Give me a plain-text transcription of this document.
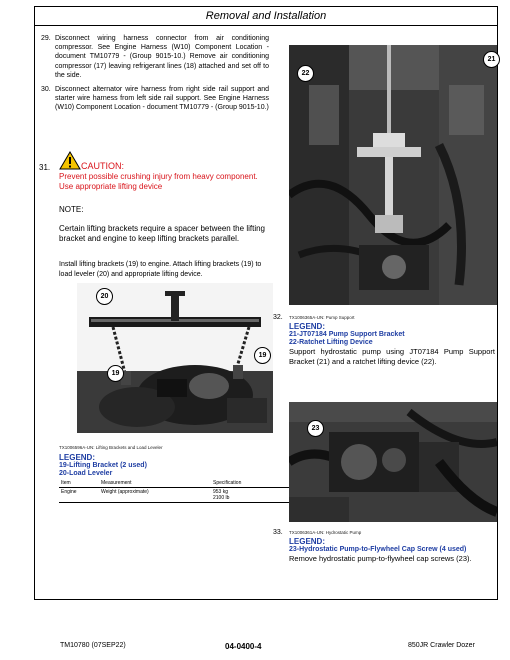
Removal and Installation
29. Disconnect wiring harness connector from air conditioning compressor. See Engine Harness (W10) Component Location - document TM10779 - (Group 9015-10.) Remove air conditioning compressor (17) leaving refrigerant lines (18) attached and set off to the side.
30. Disconnect alternator wire harness from right side rail support and starter wire harness from left side rail support. See Engine Harness (W10) Component Location - document TM10779 - (Group 9015-10.)
31.	CAUTION:
Prevent possible crushing injury from heavy component.
Use appropriate lifting device
NOTE:
Certain lifting brackets require a spacer between the lifting bracket and engine to keep lifting brackets parallel.
Install lifting brackets (19) to engine. Attach lifting brackets (19) to load leveler (20) and appropriate lifting device.
20
19
19
TX1006596A-UN: Lifting Brackets and Load Leveler
LEGEND:
19-Lifting Bracket (2 used)
20-Load Leveler
Item	Measurement	Specification
Engine	Weight (approximate)	953 kg
2100 lb
22
21
32. TX1006365A-UN: Pump Support
LEGEND:
21-JT07184 Pump Support Bracket
22-Ratchet Lifting Device
Support hydrostatic pump using JT07184 Pump Support Bracket (21) and a ratchet lifting device (22).
23
33. TX1006361A-UN: Hydrostatic Pump
LEGEND:
23-Hydrostatic Pump-to-Flywheel Cap Screw (4 used)
Remove hydrostatic pump-to-flywheel cap screws (23).
TM10780 (07SEP22)	04-0400-4	850JR Crawler Dozer
